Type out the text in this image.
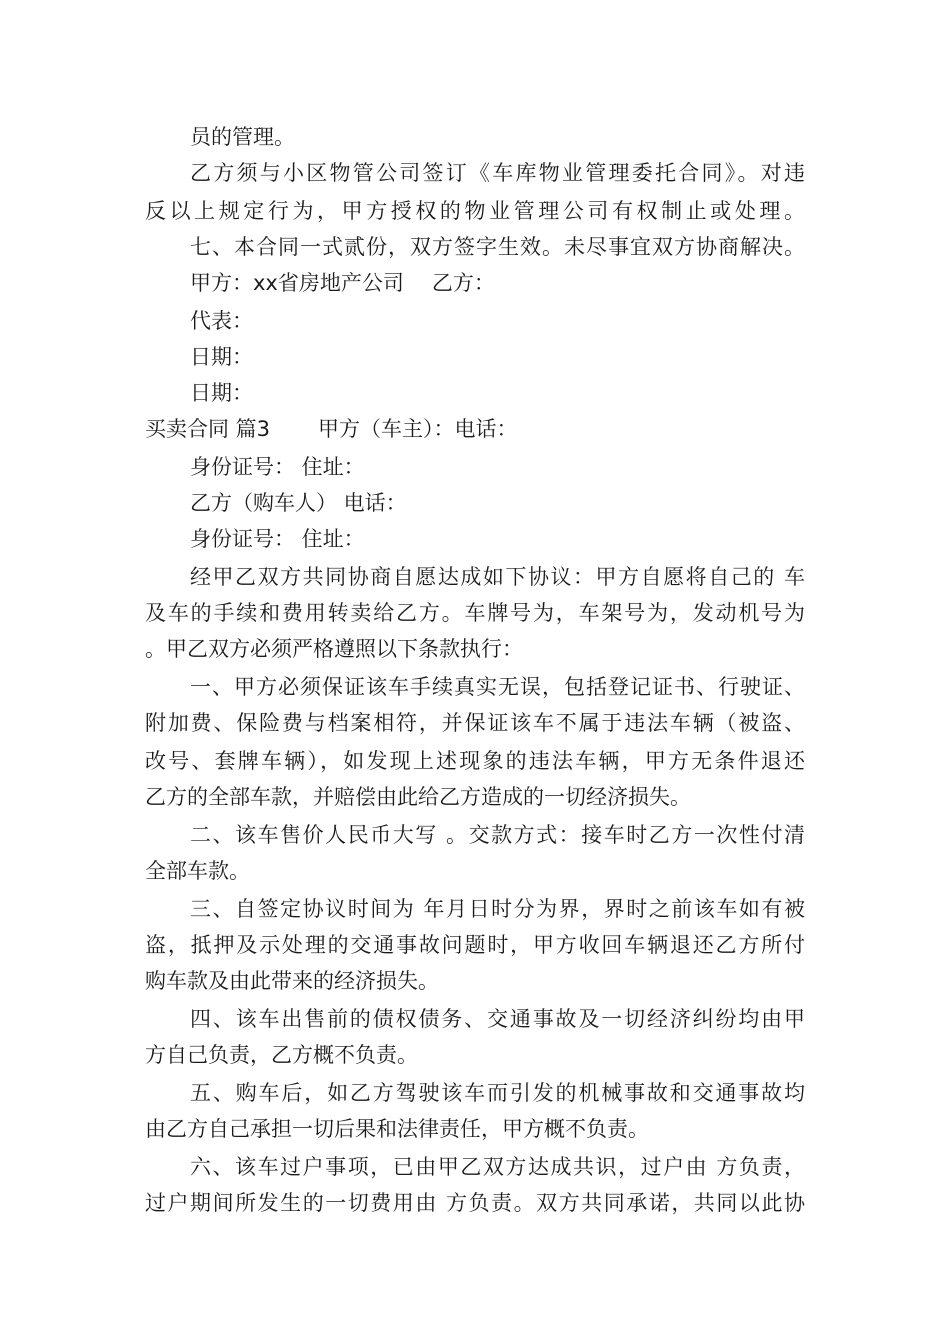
员的管理。
乙方须与小区物管公司签订《车库物业管理委托合同》。对违
反以上规定行为，甲方授权的物业管理公司有权制止或处理。
七、本合同一式贰份，双方签字生效。未尽事宜双方协商解决。
甲方：xx省房地产公司 乙方：
代表：
日期：
日期：
买卖合同 篇3 甲方（车主）：电话：
身份证号： 住址：
乙方（购车人） 电话：
身份证号： 住址：
经甲乙双方共同协商自愿达成如下协议：甲方自愿将自己的 车
及车的手续和费用转卖给乙方。车牌号为，车架号为，发动机号为
。甲乙双方必须严格遵照以下条款执行：
一、甲方必须保证该车手续真实无误，包括登记证书、行驶证、
附加费、保险费与档案相符，并保证该车不属于违法车辆（被盗、
改号、套牌车辆），如发现上述现象的违法车辆，甲方无条件退还
乙方的全部车款，并赔偿由此给乙方造成的一切经济损失。
二、该车售价人民币大写 。交款方式：接车时乙方一次性付清
全部车款。
三、自签定协议时间为 年月日时分为界，界时之前该车如有被
盗，抵押及示处理的交通事故问题时，甲方收回车辆退还乙方所付
购车款及由此带来的经济损失。
四、该车出售前的债权债务、交通事故及一切经济纠纷均由甲
方自己负责，乙方概不负责。
五、购车后，如乙方驾驶该车而引发的机械事故和交通事故均
由乙方自己承担一切后果和法律责任，甲方概不负责。
六、该车过户事项，已由甲乙双方达成共识，过户由 方负责，
过户期间所发生的一切费用由 方负责。双方共同承诺，共同以此协
